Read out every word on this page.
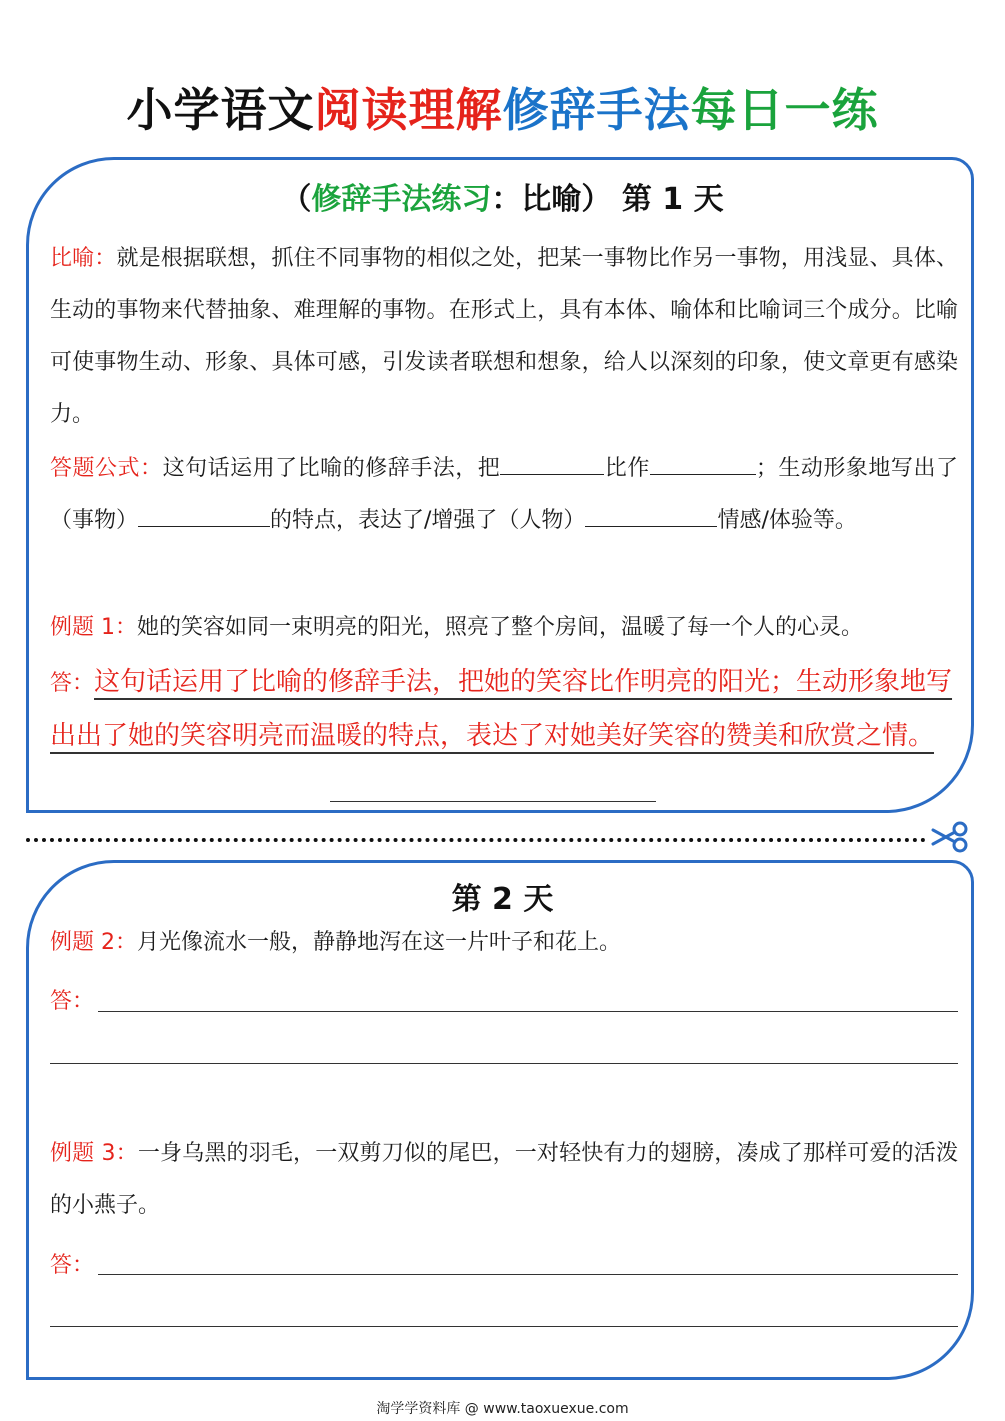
小学语文阅读理解修辞手法每日一练
（修辞手法练习：比喻） 第 1 天
比喻：就是根据联想，抓住不同事物的相似之处，把某一事物比作另一事物，用浅显、具体、生动的事物来代替抽象、难理解的事物。在形式上，具有本体、喻体和比喻词三个成分。比喻可使事物生动、形象、具体可感，引发读者联想和想象，给人以深刻的印象，使文章更有感染力。
答题公式：这句话运用了比喻的修辞手法，把	比作	；生动形象地写出了（事物）	的特点，表达了/增强了（人物）	情感/体验等。
例题 1：她的笑容如同一束明亮的阳光，照亮了整个房间，温暖了每一个人的心灵。
答：这句话运用了比喻的修辞手法，把她的笑容比作明亮的阳光；生动形象地写出出了她的笑容明亮而温暖的特点，表达了对她美好笑容的赞美和欣赏之情。
第 2 天
例题 2：月光像流水一般，静静地泻在这一片叶子和花上。
答：
例题 3：一身乌黑的羽毛，一双剪刀似的尾巴，一对轻快有力的翅膀，凑成了那样可爱的活泼的小燕子。
答：
淘学学资料库 @ www.taoxuexue.com
